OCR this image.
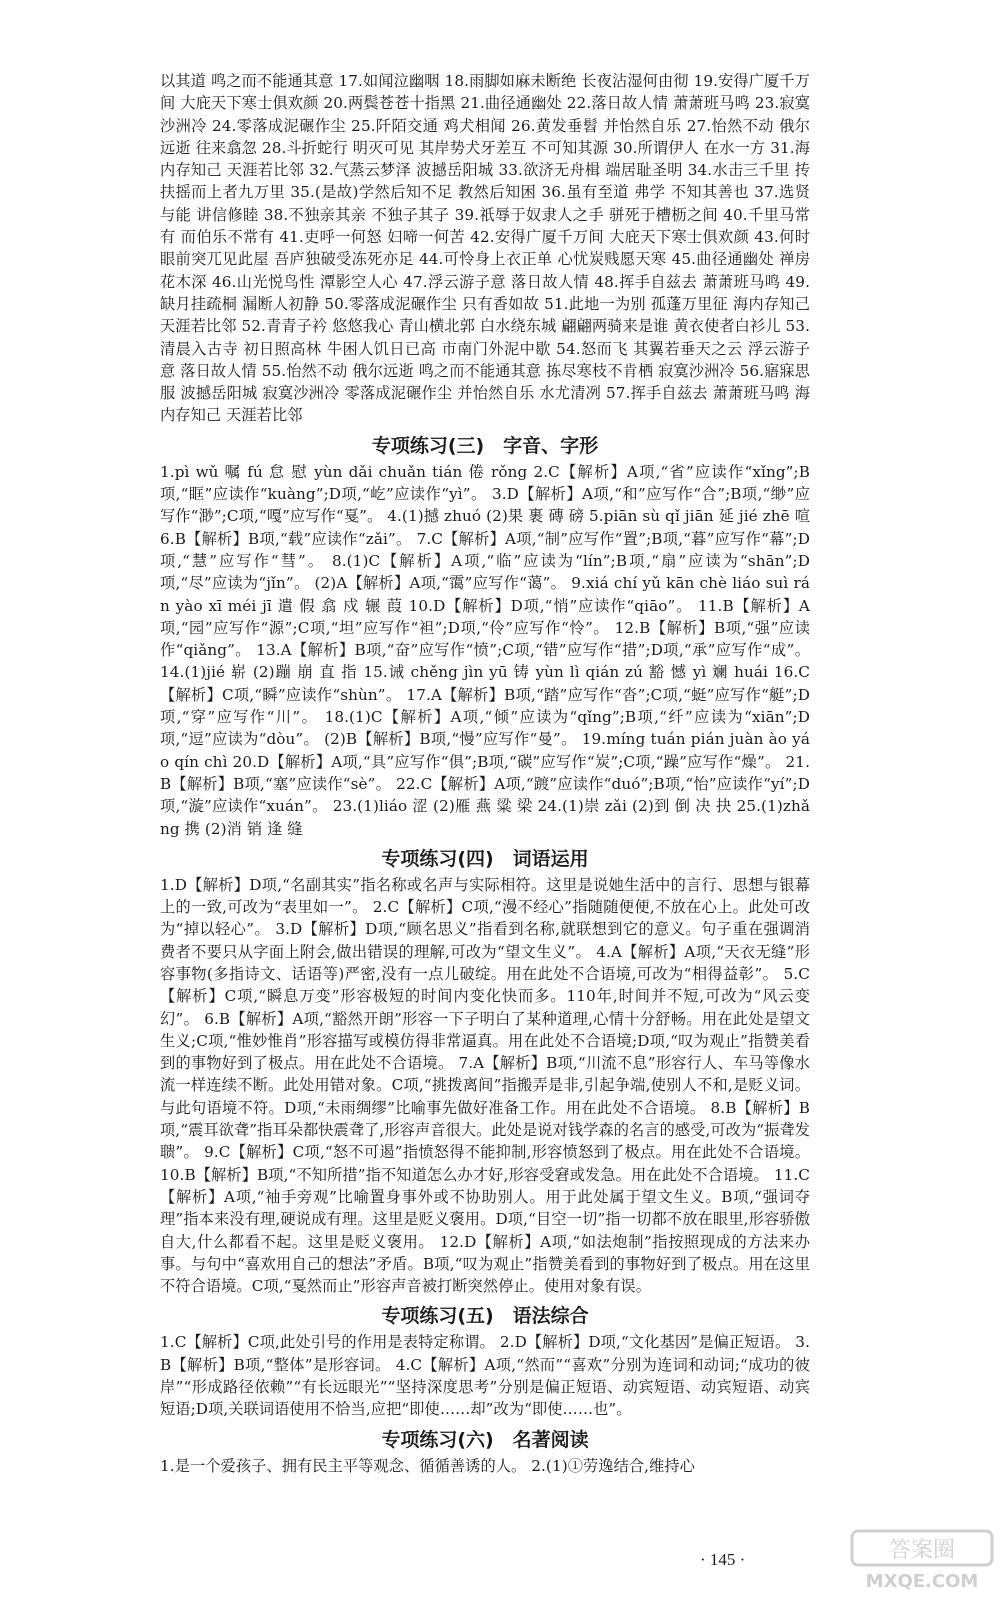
以其道 鸣之而不能通其意 17.如闻泣幽咽 18.雨脚如麻未断绝 长夜沾湿何由彻 19.安得广厦千万间 大庇天下寒士俱欢颜 20.两鬓苍苍十指黑 21.曲径通幽处 22.落日故人情 萧萧班马鸣 23.寂寞沙洲冷 24.零落成泥碾作尘 25.阡陌交通 鸡犬相闻 26.黄发垂髫 并怡然自乐 27.怡然不动 俄尔远逝 往来翕忽 28.斗折蛇行 明灭可见 其岸势犬牙差互 不可知其源 30.所谓伊人 在水一方 31.海内存知己 天涯若比邻 32.气蒸云梦泽 波撼岳阳城 33.欲济无舟楫 端居耻圣明 34.水击三千里 抟扶摇而上者九万里 35.(是故)学然后知不足 教然后知困 36.虽有至道 弗学 不知其善也 37.选贤与能 讲信修睦 38.不独亲其亲 不独子其子 39.祇辱于奴隶人之手 骈死于槽枥之间 40.千里马常有 而伯乐不常有 41.吏呼一何怒 妇啼一何苦 42.安得广厦千万间 大庇天下寒士俱欢颜 43.何时眼前突兀见此屋 吾庐独破受冻死亦足 44.可怜身上衣正单 心忧炭贱愿天寒 45.曲径通幽处 禅房花木深 46.山光悦鸟性 潭影空人心 47.浮云游子意 落日故人情 48.挥手自兹去 萧萧班马鸣 49.缺月挂疏桐 漏断人初静 50.零落成泥碾作尘 只有香如故 51.此地一为别 孤蓬万里征 海内存知己 天涯若比邻 52.青青子衿 悠悠我心 青山横北郭 白水绕东城 翩翩两骑来是谁 黄衣使者白衫儿 53.清晨入古寺 初日照高林 牛困人饥日已高 市南门外泥中歇 54.怒而飞 其翼若垂天之云 浮云游子意 落日故人情 55.怡然不动 俄尔远逝 鸣之而不能通其意 拣尽寒枝不肯栖 寂寞沙洲冷 56.寤寐思服 波撼岳阳城 寂寞沙洲冷 零落成泥碾作尘 并怡然自乐 水尤清冽 57.挥手自兹去 萧萧班马鸣 海内存知己 天涯若比邻

专项练习(三)　字音、字形

1.pì wǔ 嘱 fú 怠 慰 yùn dǎi chuǎn tián 倦 rǒng 2.C【解析】A项,“省”应读作“xǐng”;B项,“眶”应读作“kuàng”;D项,“屹”应读作“yì”。 3.D【解析】A项,“和”应写作“合”;B项,“缈”应写作“渺”;C项,“嘎”应写作“戛”。 4.(1)撼 zhuó (2)果 裹 磚 磅 5.piān sù qǐ jiān 延 jié zhē 喧 6.B【解析】B项,“载”应读作“zǎi”。 7.C【解析】A项,“制”应写作“置”;B项,“暮”应写作“幕”;D项,“慧”应写作“彗”。 8.(1)C【解析】A项,“临”应读为“lín”;B项,“扇”应读为“shān”;D项,“尽”应读为“jǐn”。 (2)A【解析】A项,“霭”应写作“蔼”。 9.xiá chí yǔ kān chè liáo suì rán yào xī méi jī 遣 假 翕 戍 辗 葭 10.D【解析】D项,“悄”应读作“qiāo”。 11.B【解析】A项,“园”应写作“源”;C项,“坦”应写作“袒”;D项,“伶”应写作“怜”。 12.B【解析】B项,“强”应读作“qiǎng”。 13.A【解析】B项,“奋”应写作“愤”;C项,“错”应写作“措”;D项,“承”应写作“成”。 14.(1)jié 崭 (2)蹦 崩 直 指 15.诫 chěng jìn yū 铸 yùn lì qián zú 豁 憾 yì 斓 huái 16.C【解析】C项,“瞬”应读作“shùn”。 17.A【解析】B项,“踏”应写作“沓”;C项,“蜓”应写作“艇”;D项,“穿”应写作“川”。 18.(1)C【解析】A项,“倾”应读为“qǐng”;B项,“纤”应读为“xiān”;D项,“逗”应读为“dòu”。 (2)B【解析】B项,“慢”应写作“曼”。 19.míng tuán pián juàn ào yáo qín chì 20.D【解析】A项,“具”应写作“俱”;B项,“碳”应写作“炭”;C项,“躁”应写作“燥”。 21.B【解析】B项,“塞”应读作“sè”。 22.C【解析】A项,“踱”应读作“duó”;B项,“怡”应读作“yí”;D项,“漩”应读作“xuán”。 23.(1)liáo 涩 (2)雁 燕 粱 梁 24.(1)崇 zǎi (2)到 倒 决 抉 25.(1)zhǎng 携 (2)消 销 逢 缝

专项练习(四)　词语运用

1.D【解析】D项,“名副其实”指名称或名声与实际相符。这里是说她生活中的言行、思想与银幕上的一致,可改为“表里如一”。 2.C【解析】C项,“漫不经心”指随随便便,不放在心上。此处可改为“掉以轻心”。 3.D【解析】D项,“顾名思义”指看到名称,就联想到它的意义。句子重在强调消费者不要只从字面上附会,做出错误的理解,可改为“望文生义”。 4.A【解析】A项,“天衣无缝”形容事物(多指诗文、话语等)严密,没有一点儿破绽。用在此处不合语境,可改为“相得益彰”。 5.C【解析】C项,“瞬息万变”形容极短的时间内变化快而多。110年,时间并不短,可改为“风云变幻”。 6.B【解析】A项,“豁然开朗”形容一下子明白了某种道理,心情十分舒畅。用在此处是望文生义;C项,“惟妙惟肖”形容描写或模仿得非常逼真。用在此处不合语境;D项,“叹为观止”指赞美看到的事物好到了极点。用在此处不合语境。 7.A【解析】B项,“川流不息”形容行人、车马等像水流一样连续不断。此处用错对象。C项,“挑拨离间”指搬弄是非,引起争端,使别人不和,是贬义词。与此句语境不符。D项,“未雨绸缪”比喻事先做好准备工作。用在此处不合语境。 8.B【解析】B项,“震耳欲聋”指耳朵都快震聋了,形容声音很大。此处是说对钱学森的名言的感受,可改为“振聋发聩”。 9.C【解析】C项,“怒不可遏”指愤怒得不能抑制,形容愤怒到了极点。用在此处不合语境。 10.B【解析】B项,“不知所措”指不知道怎么办才好,形容受窘或发急。用在此处不合语境。 11.C【解析】A项,“袖手旁观”比喻置身事外或不协助别人。用于此处属于望文生义。B项,“强词夺理”指本来没有理,硬说成有理。这里是贬义褒用。D项,“目空一切”指一切都不放在眼里,形容骄傲自大,什么都看不起。这里是贬义褒用。 12.D【解析】A项,“如法炮制”指按照现成的方法来办事。与句中“喜欢用自己的想法”矛盾。B项,“叹为观止”指赞美看到的事物好到了极点。用在这里不符合语境。C项,“戛然而止”形容声音被打断突然停止。使用对象有误。

专项练习(五)　语法综合

1.C【解析】C项,此处引号的作用是表特定称谓。 2.D【解析】D项,“文化基因”是偏正短语。 3.B【解析】B项,“整体”是形容词。 4.C【解析】A项,“然而”“喜欢”分别为连词和动词;“成功的彼岸”“形成路径依赖”“有长远眼光”“坚持深度思考”分别是偏正短语、动宾短语、动宾短语、动宾短语;D项,关联词语使用不恰当,应把“即使……却”改为“即使……也”。

专项练习(六)　名著阅读

1.是一个爱孩子、拥有民主平等观念、循循善诱的人。 2.(1)①劳逸结合,维持心

· 145 ·	答案圈
MXQE.COM
